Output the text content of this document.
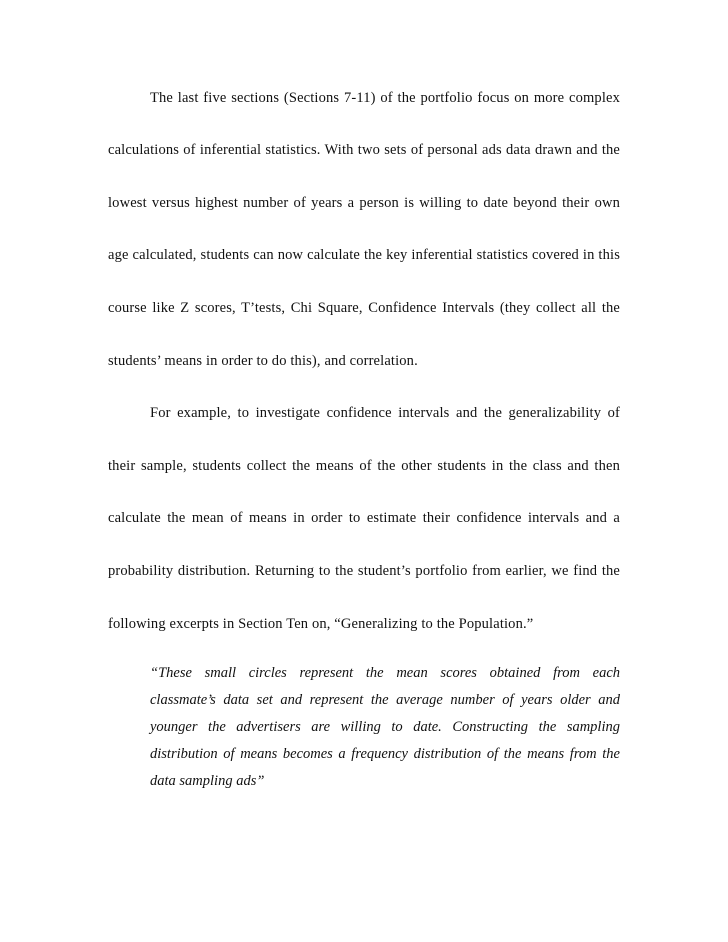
The last five sections (Sections 7-11) of the portfolio focus on more complex
calculations of inferential statistics. With two sets of personal ads data drawn and the
lowest versus highest number of years a person is willing to date beyond their own
age calculated, students can now calculate the key inferential statistics covered in this
course like Z scores, T’tests, Chi Square, Confidence Intervals (they collect all the
students’ means in order to do this), and correlation.
For example, to investigate confidence intervals and the generalizability of
their sample, students collect the means of the other students in the class and then
calculate the mean of means in order to estimate their confidence intervals and a
probability distribution. Returning to the student’s portfolio from earlier, we find the
following excerpts in Section Ten on, “Generalizing to the Population.”
“These small circles represent the mean scores obtained from each
classmate’s data set and represent the average number of years older and
younger the advertisers are willing to date. Constructing the sampling
distribution of means becomes a frequency distribution of the means from the
data sampling ads”
